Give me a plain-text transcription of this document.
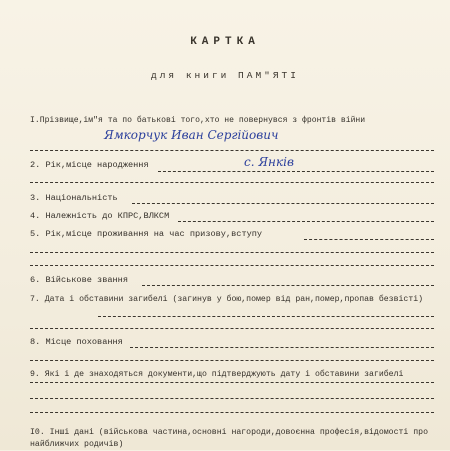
КАРТКА
для книги ПАМ"ЯТІ
І.Прізвище,ім"я та по батькові того,хто не повернувся з фронтів війни
Ямкорчук Иван Сергійович
2. Рік,місце народження	с. Янків
3. Національність
4. Належність до КПРС,ВЛКСМ
5. Рік,місце проживання на час призову,вступу
6. Військове звання
7. Дата і обставини загибелі (загинув у бою,помер від ран,помер,пропав безвісті)
8. Місце поховання
9. Які і де знаходяться документи,що підтверджують дату і обставини загибелі
І0. Інші дані (військова частина,основні нагороди,довоєнна професія,відомості про найближчих родичів)
